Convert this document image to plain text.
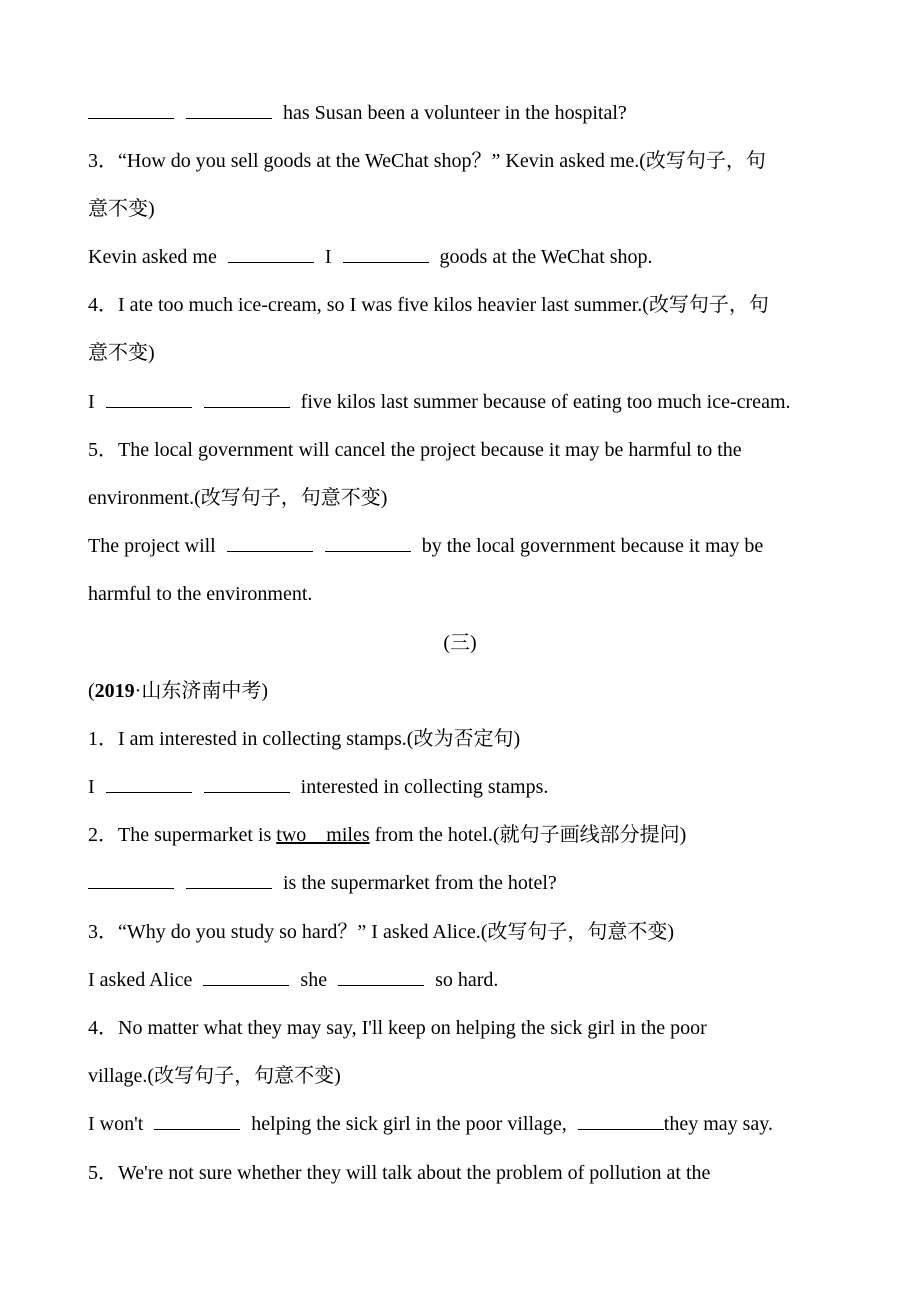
has Susan been a volunteer in the hospital?
3．“How do you sell goods at the WeChat shop？” Kevin asked me.(改写句子，句
意不变)
Kevin asked me	I	goods at the WeChat shop.
4．I ate too much ice-cream, so I was five kilos heavier last summer.(改写句子，句
意不变)
I	five kilos last summer because of eating too much ice-cream.
5．The local government will cancel the project because it may be harmful to the
environment.(改写句子，句意不变)
The project will	by the local government because it may be
harmful to the environment.
(三)
(2019·山东济南中考)
1．I am interested in collecting stamps.(改为否定句)
I	interested in collecting stamps.
2．The supermarket is two    miles from the hotel.(就句子画线部分提问)
is the supermarket from the hotel?
3．“Why do you study so hard？” I asked Alice.(改写句子，句意不变)
I asked Alice	she	so hard.
4．No matter what they may say, I'll keep on helping the sick girl in the poor
village.(改写句子，句意不变)
I won't	helping the sick girl in the poor village,	they may say.
5．We're not sure whether they will talk about the problem of pollution at the
